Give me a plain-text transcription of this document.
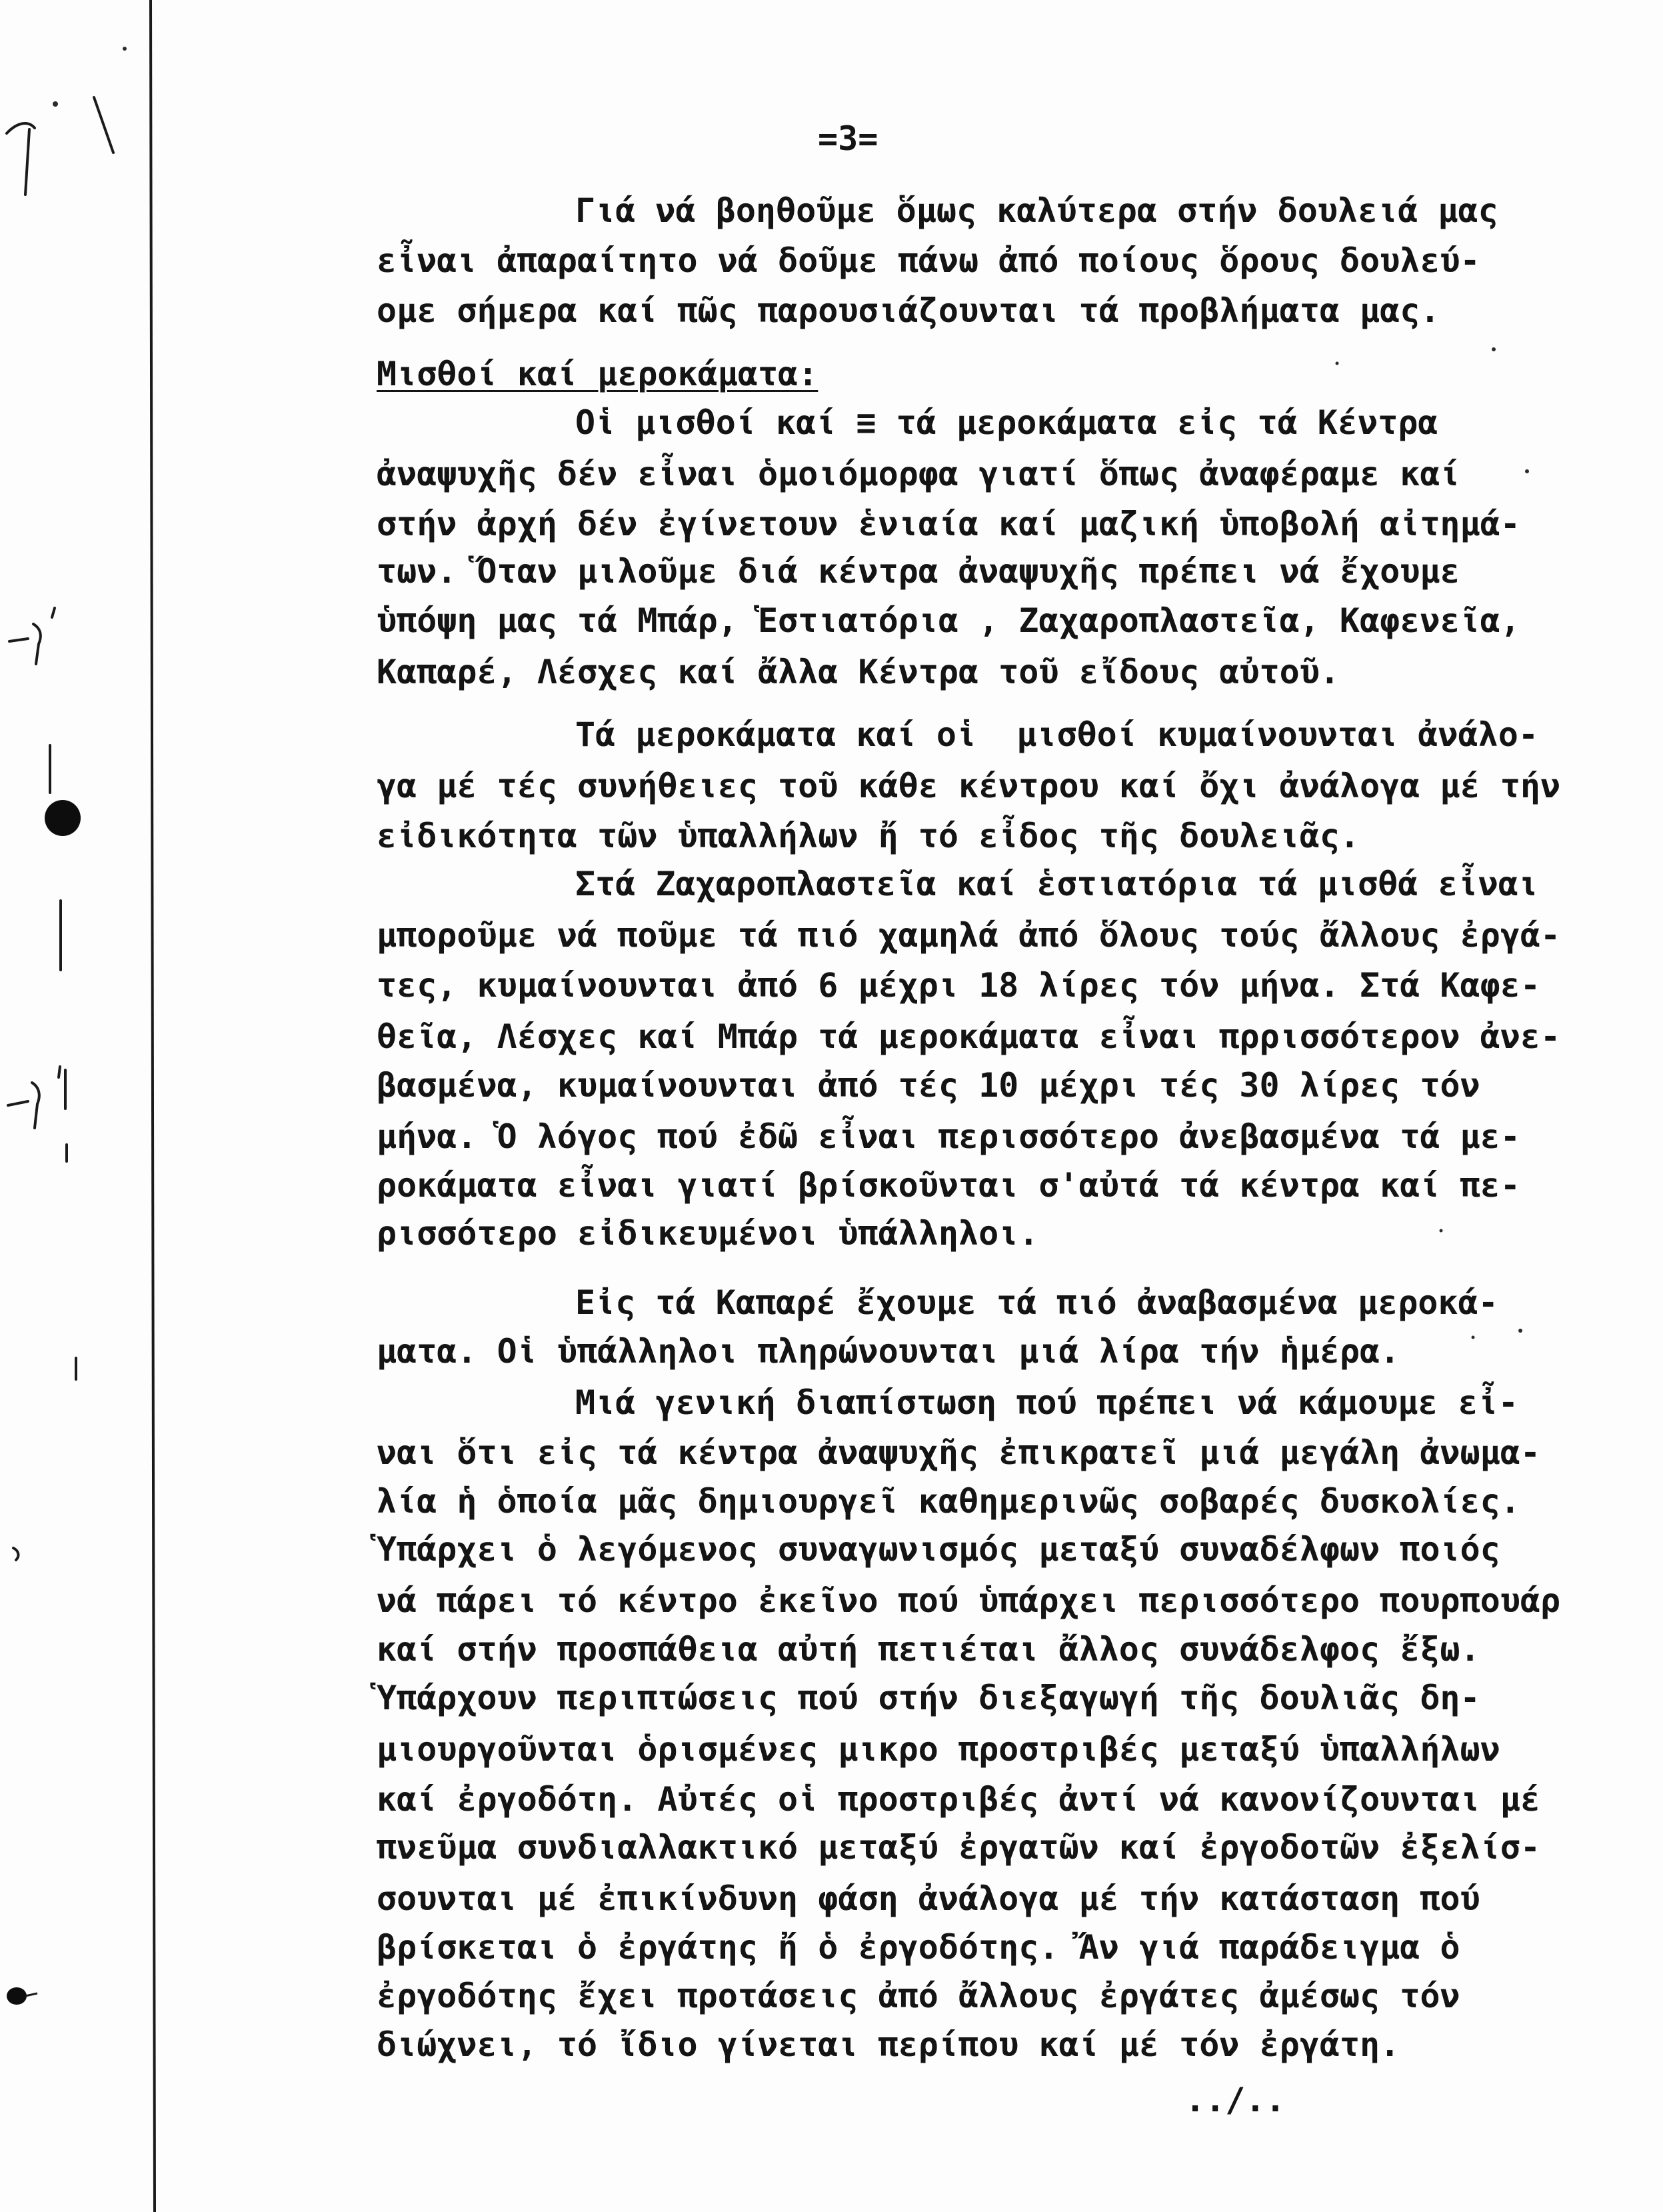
=3=
Γιά νά βοηθοῦμε ὅμως καλύτερα στήν δουλειά μας
εἶναι ἀπαραίτητο νά δοῦμε πάνω ἀπό ποίους ὅρους δουλεύ-
ομε σήμερα καί πῶς παρουσιάζουνται τά προβλήματα μας.
Μισθοί καί μεροκάματα:
Οἱ μισθοί καί ≡ τά μεροκάματα εἰς τά Κέντρα
ἀναψυχῆς δέν εἶναι ὁμοιόμορφα γιατί ὅπως ἀναφέραμε καί
στήν ἀρχή δέν ἐγίνετουν ἑνιαία καί μαζική ὑποβολή αἰτημά-
των. Ὅταν μιλοῦμε διά κέντρα ἀναψυχῆς πρέπει νά ἔχουμε
ὑπόψη μας τά Μπάρ, Ἑστιατόρια , Ζαχαροπλαστεῖα, Καφενεῖα,
Καπαρέ, Λέσχες καί ἄλλα Κέντρα τοῦ εἴδους αὐτοῦ.
Τά μεροκάματα καί οἱ  μισθοί κυμαίνουνται ἀνάλο-
γα μέ τές συνήθειες τοῦ κάθε κέντρου καί ὄχι ἀνάλογα μέ τήν
εἰδικότητα τῶν ὑπαλλήλων ἤ τό εἶδος τῆς δουλειᾶς.
Στά Ζαχαροπλαστεῖα καί ἑστιατόρια τά μισθά εἶναι
μποροῦμε νά ποῦμε τά πιό χαμηλά ἀπό ὅλους τούς ἄλλους ἐργά-
τες, κυμαίνουνται ἀπό 6 μέχρι 18 λίρες τόν μήνα. Στά Καφε-
θεῖα, Λέσχες καί Μπάρ τά μεροκάματα εἶναι πρρισσότερον ἀνε-
βασμένα, κυμαίνουνται ἀπό τές 10 μέχρι τές 30 λίρες τόν
μήνα. Ὁ λόγος πού ἐδῶ εἶναι περισσότερο ἀνεβασμένα τά με-
ροκάματα εἶναι γιατί βρίσκοῦνται σ'αὐτά τά κέντρα καί πε-
ρισσότερο εἰδικευμένοι ὑπάλληλοι.
Εἰς τά Καπαρέ ἔχουμε τά πιό ἀναβασμένα μεροκά-
ματα. Οἱ ὑπάλληλοι πληρώνουνται μιά λίρα τήν ἡμέρα.
Μιά γενική διαπίστωση πού πρέπει νά κάμουμε εἶ-
ναι ὅτι εἰς τά κέντρα ἀναψυχῆς ἐπικρατεῖ μιά μεγάλη ἀνωμα-
λία ἡ ὁποία μᾶς δημιουργεῖ καθημερινῶς σοβαρές δυσκολίες.
Ὑπάρχει ὁ λεγόμενος συναγωνισμός μεταξύ συναδέλφων ποιός
νά πάρει τό κέντρο ἐκεῖνο πού ὑπάρχει περισσότερο πουρπουάρ
καί στήν προσπάθεια αὐτή πετιέται ἄλλος συνάδελφος ἔξω.
Ὑπάρχουν περιπτώσεις πού στήν διεξαγωγή τῆς δουλιᾶς δη-
μιουργοῦνται ὁρισμένες μικρο προστριβές μεταξύ ὑπαλλήλων
καί ἐργοδότη. Αὐτές οἱ προστριβές ἀντί νά κανονίζουνται μέ
πνεῦμα συνδιαλλακτικό μεταξύ ἐργατῶν καί ἐργοδοτῶν ἐξελίσ-
σουνται μέ ἐπικίνδυνη φάση ἀνάλογα μέ τήν κατάσταση πού
βρίσκεται ὁ ἐργάτης ἤ ὁ ἐργοδότης. Ἄν γιά παράδειγμα ὁ
ἐργοδότης ἔχει προτάσεις ἀπό ἄλλους ἐργάτες ἀμέσως τόν
διώχνει, τό ἴδιο γίνεται περίπου καί μέ τόν ἐργάτη.
../..
